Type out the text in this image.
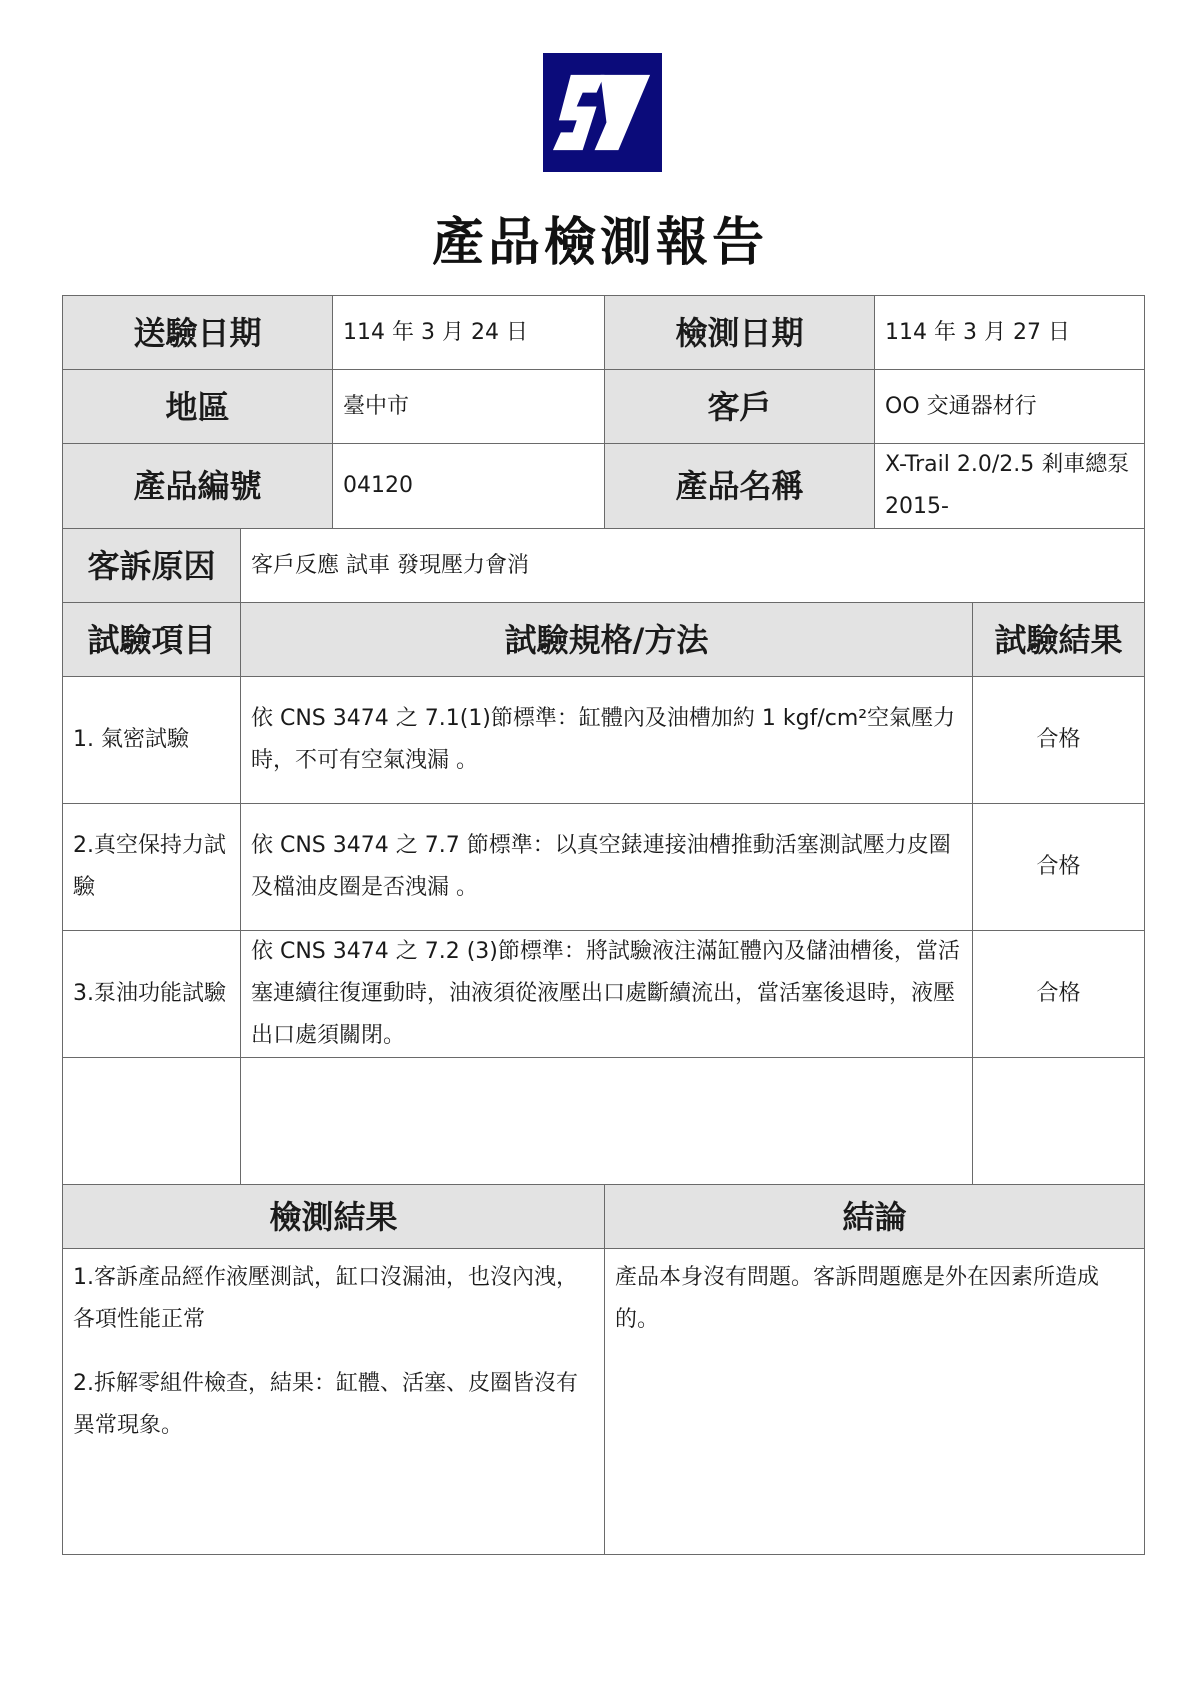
產品檢測報告
送驗日期		114 年 3 月 24 日	檢測日期	114 年 3 月 27 日	
地區		臺中市	客戶	OO 交通器材行	
產品編號		04120	產品名稱	X-Trail 2.0/2.5 剎車總泵 2015-	
客訴原因	客戶反應 試車 發現壓力會消				
試驗項目	試驗規格/方法				試驗結果
1. 氣密試驗	依 CNS 3474 之 7.1(1)節標準：缸體內及油槽加約 1 kgf/cm²空氣壓力時，不可有空氣洩漏 。				合格
2.真空保持力試驗	依 CNS 3474 之 7.7 節標準：以真空錶連接油槽推動活塞測試壓力皮圈及檔油皮圈是否洩漏 。				合格
3.泵油功能試驗	依 CNS 3474 之 7.2 (3)節標準：將試驗液注滿缸體內及儲油槽後，當活塞連續往復運動時，油液須從液壓出口處斷續流出，當活塞後退時，液壓出口處須關閉。				合格

檢測結果			結論		

1.客訴產品經作液壓測試，缸口沒漏油，也沒內洩，各項性能正常

2.拆解零組件檢查，結果：缸體、活塞、皮圈皆沒有異常現象。			產品本身沒有問題。客訴問題應是外在因素所造成的。		
